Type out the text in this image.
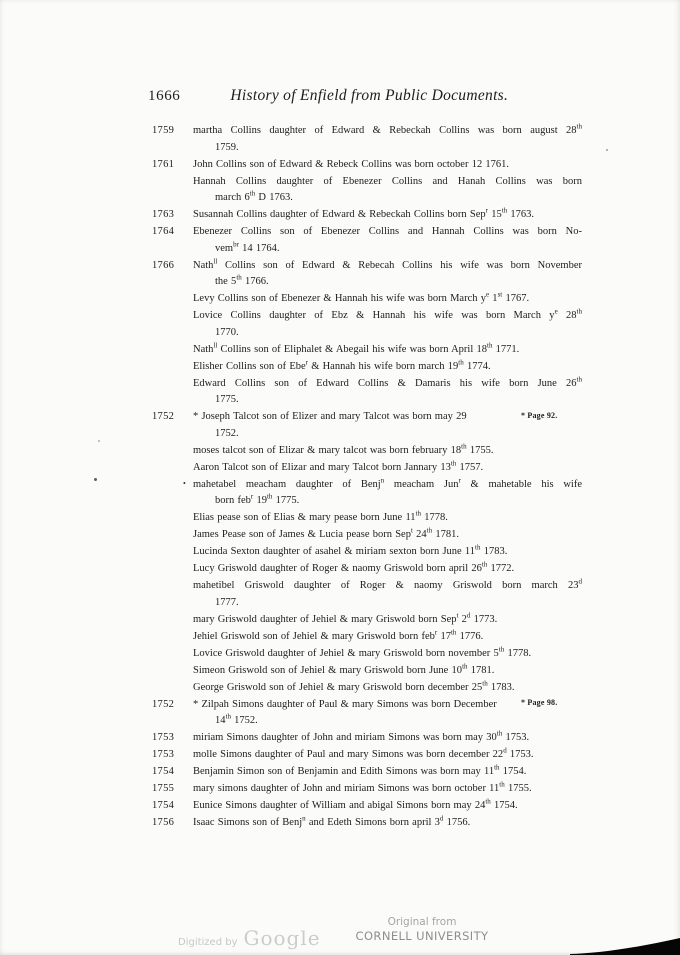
1666	History of Enfield from Public Documents.
1759	martha Collins daughter of Edward & Rebeckah Collins was born august 28th
1759.
1761	John Collins son of Edward & Rebeck Collins was born october 12 1761.
Hannah Collins daughter of Ebenezer Collins and Hanah Collins was born
march 6th D 1763.
1763	Susannah Collins daughter of Edward & Rebeckah Collins born Sep$^r$ 15th 1763.
1764	Ebenezer Collins son of Ebenezer Collins and Hannah Collins was born No-
vem$^{br}$ 14 1764.
1766	Nath$^{ll}$ Collins son of Edward & Rebecah Collins his wife was born November
the 5th 1766.
Levy Collins son of Ebenezer & Hannah his wife was born March $y^e$ 1st 1767.
Lovice Collins daughter of Ebz & Hannah his wife was born March $y^e$ 28th
1770.
Nath$^{ll}$ Collins son of Eliphalet & Abegail his wife was born April 18th 1771.
Elisher Collins son of Ebe$^r$ & Hannah his wife born march 19th 1774.
Edward Collins son of Edward Collins & Damaris his wife born June 26th
1775.
1752	* Joseph Talcot son of Elizer and mary Talcot was born may 29
1752.
* Page 92.
moses talcot son of Elizar & mary talcot was born february 18th 1755.
Aaron Talcot son of Elizar and mary Talcot born Jannary 13th 1757.
• mahetabel meacham daughter of Benj$^n$ meacham Jun$^r$ & mahetable his wife
born feb$^r$ 19th 1775.
Elias pease son of Elias & mary pease born June 11th 1778.
James Pease son of James & Lucia pease born Sep$^t$ 24th 1781.
Lucinda Sexton daughter of asahel & miriam sexton born June 11th 1783.
Lucy Griswold daughter of Roger & naomy Griswold born april 26th 1772.
mahetibel Griswold daughter of Roger & naomy Griswold born march 23$^d$
1777.
mary Griswold daughter of Jehiel & mary Griswold born Sep$^t$ 2$^d$ 1773.
Jehiel Griswold son of Jehiel & mary Griswold born feb$^r$ 17th 1776.
Lovice Griswold daughter of Jehiel & mary Griswold born november 5th 1778.
Simeon Griswold son of Jehiel & mary Griswold born June 10th 1781.
George Griswold son of Jehiel & mary Griswold born december 25th 1783.
1752	* Zilpah Simons daughter of Paul & mary Simons was born December
14th 1752.
* Page 98.
1753	miriam Simons daughter of John and miriam Simons was born may 30th 1753.
1753	molle Simons daughter of Paul and mary Simons was born december 22$^d$ 1753.
1754	Benjamin Simon son of Benjamin and Edith Simons was born may 11th 1754.
1755	mary simons daughter of John and miriam Simons was born october 11th 1755.
1754	Eunice Simons daughter of William and abigal Simons born may 24th 1754.
1756	Isaac Simons son of Benj$^n$ and Edeth Simons born april 3$^d$ 1756.
Digitized by Google
Original from
CORNELL UNIVERSITY
